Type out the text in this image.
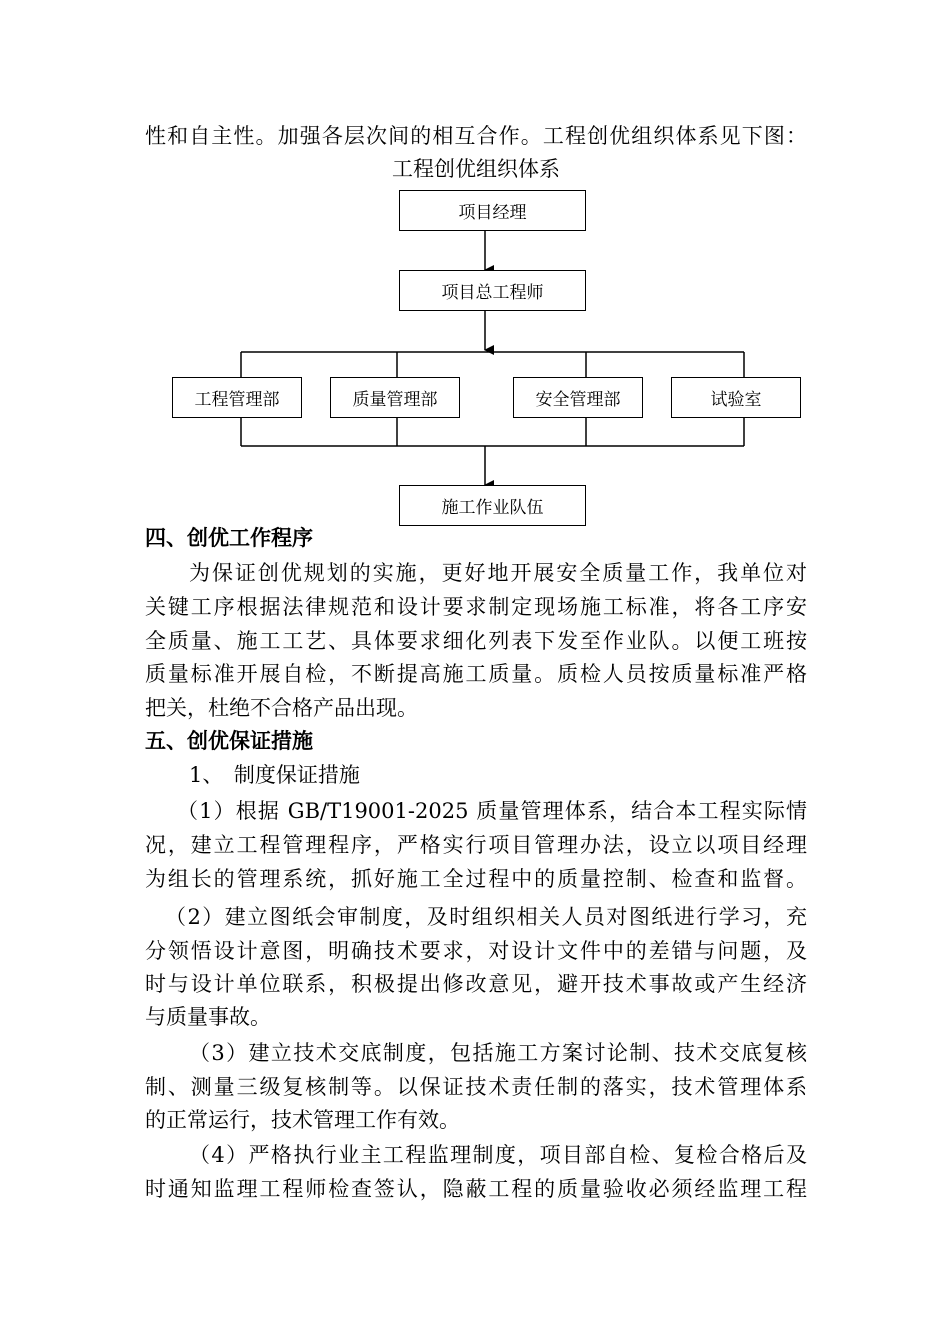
性和自主性。加强各层次间的相互合作。工程创优组织体系见下图：
工程创优组织体系
项目经理
项目总工程师
工程管理部	质量管理部	安全管理部	试验室
施工作业队伍
四、创优工作程序
为保证创优规划的实施，更好地开展安全质量工作，我单位对
关键工序根据法律规范和设计要求制定现场施工标准，将各工序安
全质量、施工工艺、具体要求细化列表下发至作业队。以便工班按
质量标准开展自检，不断提高施工质量。质检人员按质量标准严格
把关，杜绝不合格产品出现。
五、创优保证措施
1、　制度保证措施
（1）根据 GB/T19001-2025 质量管理体系，结合本工程实际情
况，建立工程管理程序，严格实行项目管理办法，设立以项目经理
为组长的管理系统，抓好施工全过程中的质量控制、检查和监督。
（2）建立图纸会审制度，及时组织相关人员对图纸进行学习，充
分领悟设计意图，明确技术要求，对设计文件中的差错与问题，及
时与设计单位联系，积极提出修改意见，避开技术事故或产生经济
与质量事故。
（3）建立技术交底制度，包括施工方案讨论制、技术交底复核
制、测量三级复核制等。以保证技术责任制的落实，技术管理体系
的正常运行，技术管理工作有效。
（4）严格执行业主工程监理制度，项目部自检、复检合格后及
时通知监理工程师检查签认，隐蔽工程的质量验收必须经监理工程
